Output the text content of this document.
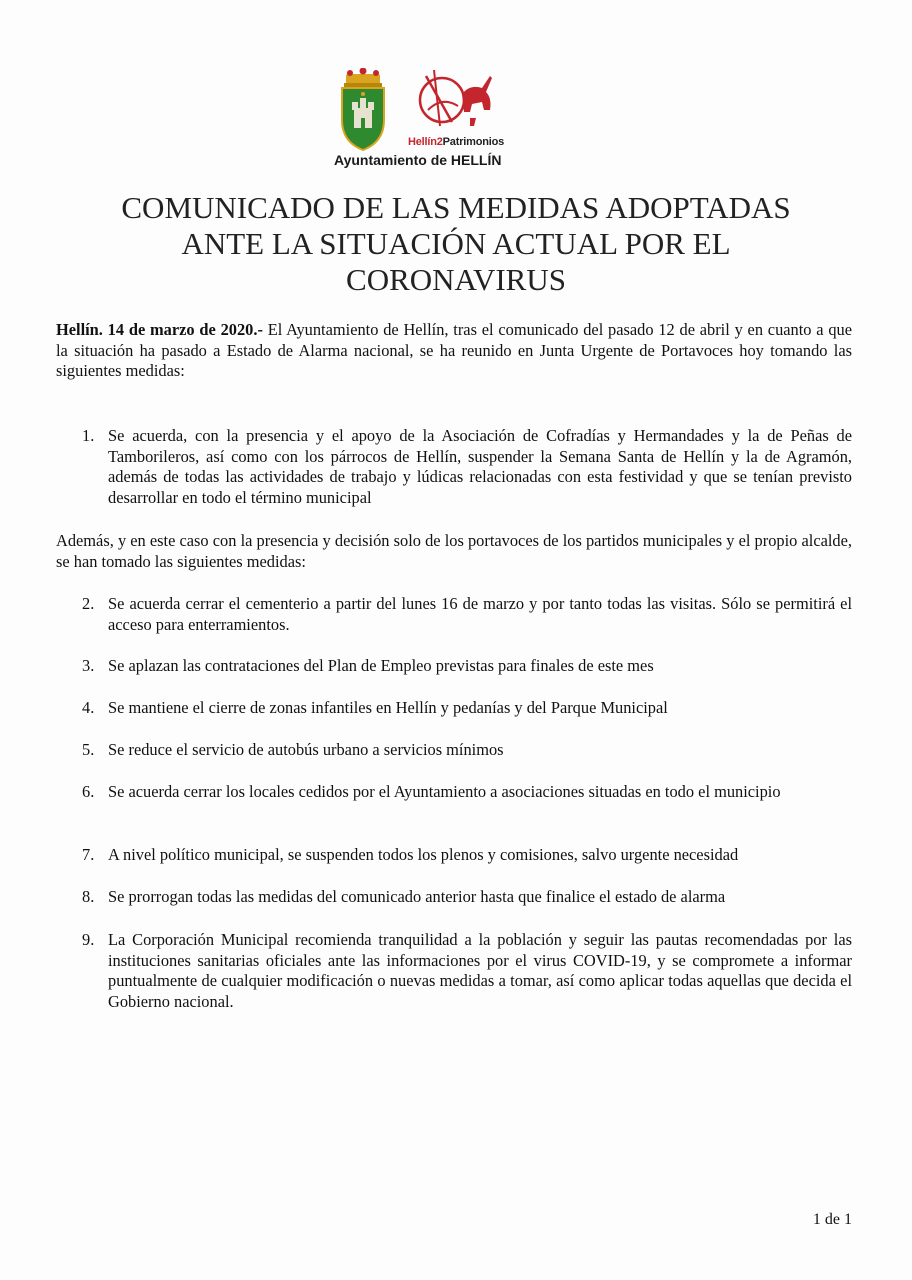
Hellín2Patrimonios
Ayuntamiento de HELLÍN
COMUNICADO DE LAS MEDIDAS ADOPTADAS
ANTE LA SITUACIÓN ACTUAL POR EL
CORONAVIRUS
Hellín. 14 de marzo de 2020.- El Ayuntamiento de Hellín, tras el comunicado del pasado 12 de abril y en cuanto a que la situación ha pasado a Estado de Alarma nacional, se ha reunido en Junta Urgente de Portavoces hoy tomando las siguientes medidas:
1. Se acuerda, con la presencia y el apoyo de la Asociación de Cofradías y Hermandades y la de Peñas de Tamborileros, así como con los párrocos de Hellín, suspender la Semana Santa de Hellín y la de Agramón, además de todas las actividades de trabajo y lúdicas relacionadas con esta festividad y que se tenían previsto desarrollar en todo el término municipal
Además, y en este caso con la presencia y decisión solo de los portavoces de los partidos municipales y el propio alcalde, se han tomado las siguientes medidas:
2. Se acuerda cerrar el cementerio a partir del lunes 16 de marzo y por tanto todas las visitas. Sólo se permitirá el acceso para enterramientos.
3. Se aplazan las contrataciones del Plan de Empleo previstas para finales de este mes
4. Se mantiene el cierre de zonas infantiles en Hellín y pedanías y del Parque Municipal
5. Se reduce el servicio de autobús urbano a servicios mínimos
6. Se acuerda cerrar los locales cedidos por el Ayuntamiento a asociaciones situadas en todo el municipio
7. A nivel político municipal, se suspenden todos los plenos y comisiones, salvo urgente necesidad
8. Se prorrogan todas las medidas del comunicado anterior hasta que finalice el estado de alarma
9. La Corporación Municipal recomienda tranquilidad a la población y seguir las pautas recomendadas por las instituciones sanitarias oficiales ante las informaciones por el virus COVID-19, y se compromete a informar puntualmente de cualquier modificación o nuevas medidas a tomar, así como aplicar todas aquellas que decida el Gobierno nacional.
1 de 1
